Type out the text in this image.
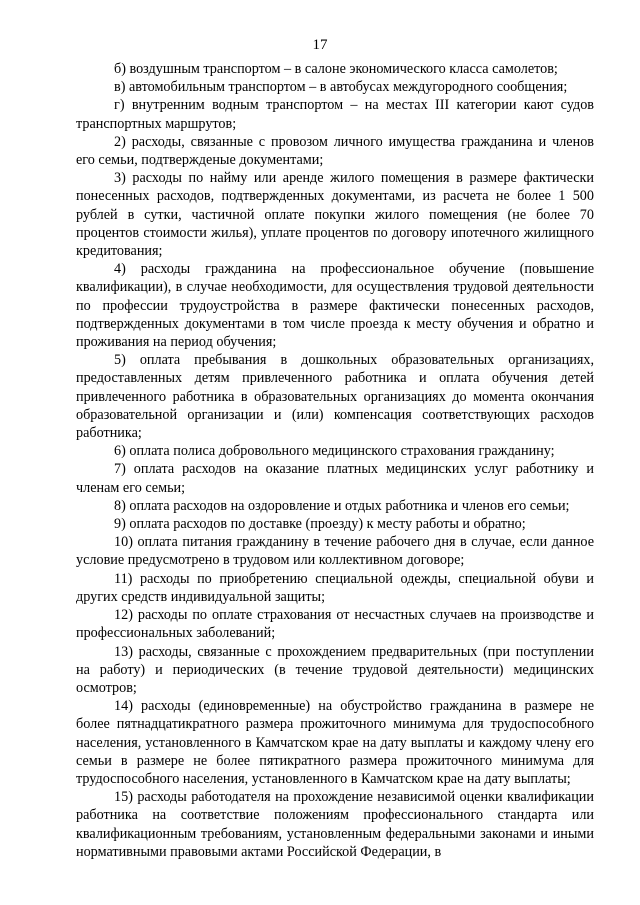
17

б) воздушным транспортом – в салоне экономического класса самолетов;

в) автомобильным транспортом – в автобусах междугородного сообщения;

г) внутренним водным транспортом – на местах III категории кают судов транспортных маршрутов;

2) расходы, связанные с провозом личного имущества гражданина и членов его семьи, подтвержденые документами;

3) расходы по найму или аренде жилого помещения в размере фактически понесенных расходов, подтвержденных документами, из расчета не более 1 500 рублей в сутки, частичной оплате покупки жилого помещения (не более 70 процентов стоимости жилья), уплате процентов по договору ипотечного жилищного кредитования;

4) расходы гражданина на профессиональное обучение (повышение квалификации), в случае необходимости, для осуществления трудовой деятельности по профессии трудоустройства в размере фактически понесенных расходов, подтвержденных документами в том числе проезда к месту обучения и обратно и проживания на период обучения;

5) оплата пребывания в дошкольных образовательных организациях, предоставленных детям привлеченного работника и оплата обучения детей привлеченного работника в образовательных организациях до момента окончания образовательной организации и (или) компенсация соответствующих расходов работника;

6) оплата полиса добровольного медицинского страхования гражданину;

7) оплата расходов на оказание платных медицинских услуг работнику и членам его семьи;

8) оплата расходов на оздоровление и отдых работника и членов его семьи;

9) оплата расходов по доставке (проезду) к месту работы и обратно;

10) оплата питания гражданину в течение рабочего дня в случае, если данное условие предусмотрено в трудовом или коллективном договоре;

11) расходы по приобретению специальной одежды, специальной обуви и других средств индивидуальной защиты;

12) расходы по оплате страхования от несчастных случаев на производстве и профессиональных заболеваний;

13) расходы, связанные с прохождением предварительных (при поступлении на работу) и периодических (в течение трудовой деятельности) медицинских осмотров;

14) расходы (единовременные) на обустройство гражданина в размере не более пятнадцатикратного размера прожиточного минимума для трудоспособного населения, установленного в Камчатском крае на дату выплаты и каждому члену его семьи в размере не более пятикратного размера прожиточного минимума для трудоспособного населения, установленного в Камчатском крае на дату выплаты;

15) расходы работодателя на прохождение независимой оценки квалификации работника на соответствие положениям профессионального стандарта или квалификационным требованиям, установленным федеральными законами и иными нормативными правовыми актами Российской Федерации, в
